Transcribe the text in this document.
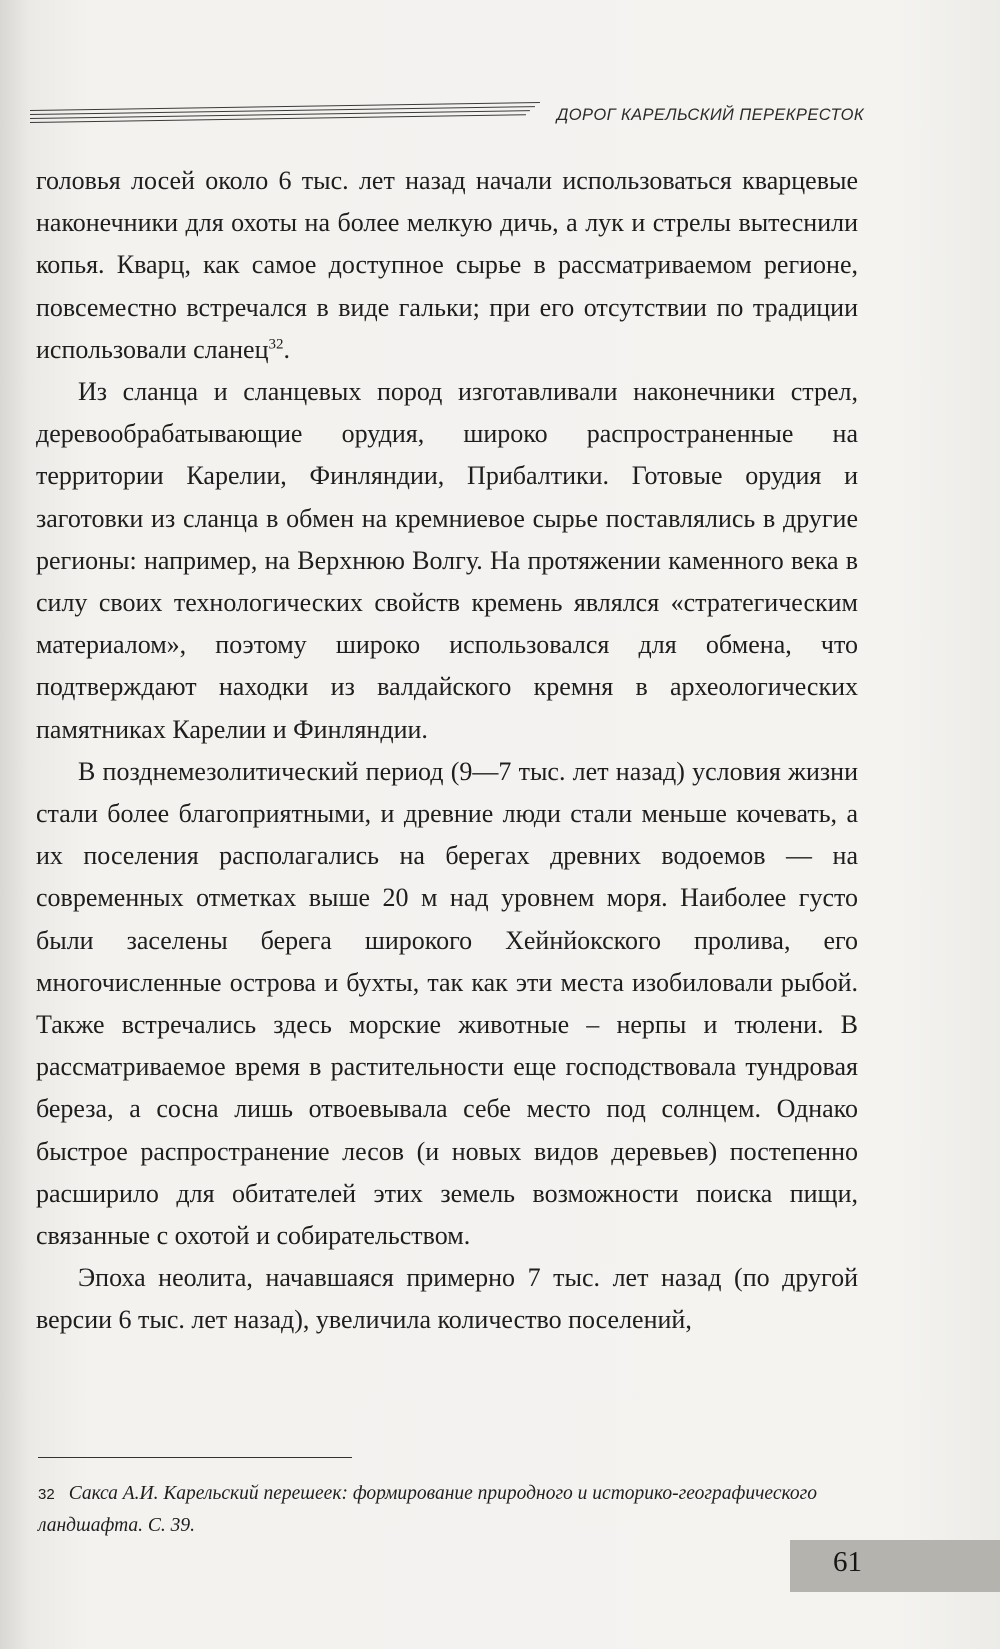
ДОРОГ КАРЕЛЬСКИЙ ПЕРЕКРЕСТОК

головья лосей около 6 тыс. лет назад начали использоваться кварцевые наконечники для охоты на более мелкую дичь, а лук и стрелы вытеснили копья. Кварц, как самое доступное сырье в рассматриваемом регионе, повсеместно встречался в виде гальки; при его отсутствии по традиции использовали сланец$^{32}$.

Из сланца и сланцевых пород изготавливали наконечники стрел, деревообрабатывающие орудия, широко распространенные на территории Карелии, Финляндии, Прибалтики. Готовые орудия и заготовки из сланца в обмен на кремниевое сырье поставлялись в другие регионы: например, на Верхнюю Волгу. На протяжении каменного века в силу своих технологических свойств кремень являлся «стратегическим материалом», поэтому широко использовался для обмена, что подтверждают находки из валдайского кремня в археологических памятниках Карелии и Финляндии.

В позднемезолитический период (9—7 тыс. лет назад) условия жизни стали более благоприятными, и древние люди стали меньше кочевать, а их поселения располагались на берегах древних водоемов — на современных отметках выше 20 м над уровнем моря. Наиболее густо были заселены берега широкого Хейнйокского пролива, его многочисленные острова и бухты, так как эти места изобиловали рыбой. Также встречались здесь морские животные – нерпы и тюлени. В рассматриваемое время в растительности еще господствовала тундровая береза, а сосна лишь отвоевывала себе место под солнцем. Однако быстрое распространение лесов (и новых видов деревьев) постепенно расширило для обитателей этих земель возможности поиска пищи, связанные с охотой и собирательством.

Эпоха неолита, начавшаяся примерно 7 тыс. лет назад (по другой версии 6 тыс. лет назад), увеличила количество поселений,

32 Сакса А.И. Карельский перешеек: формирование природного и историко-географического ландшафта. С. 39.
61
